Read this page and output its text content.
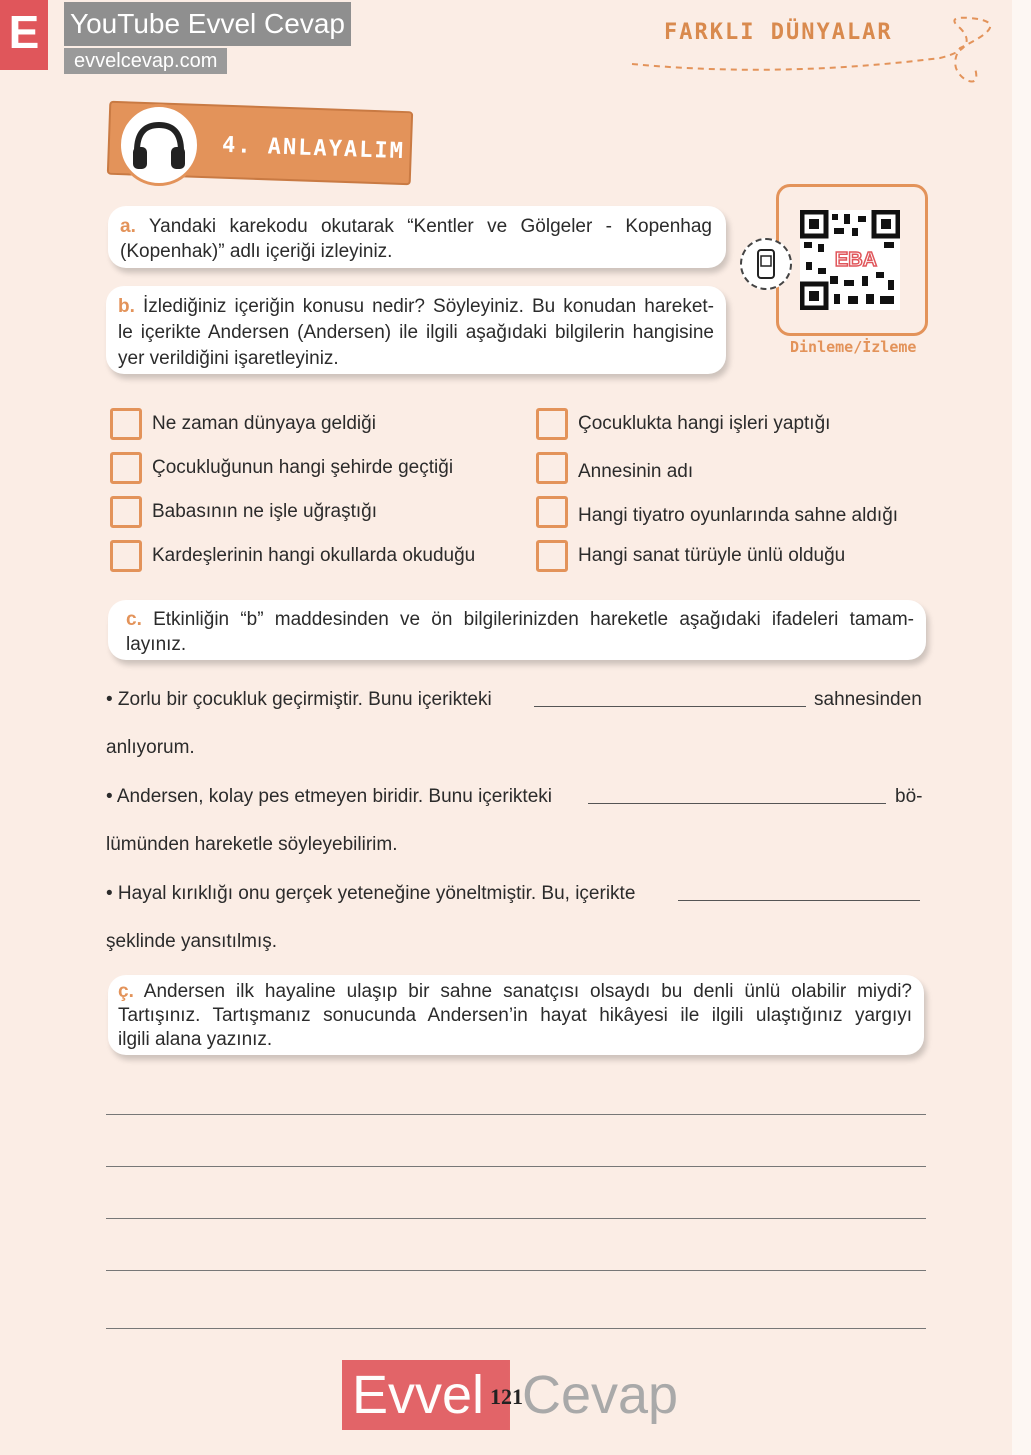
E	YouTube Evvel Cevap
evvelcevap.com
FARKLI DÜNYALAR
4. ANLAYALIM
a. Yandaki karekodu okutarak “Kentler ve Gölgeler - Kopenhag
(Kopenhak)” adlı içeriği izleyiniz.	EBA
Dinleme/İzleme
b. İzlediğiniz içeriğin konusu nedir? Söyleyiniz. Bu konudan hareket-
le içerikte Andersen (Andersen) ile ilgili aşağıdaki bilgilerin hangisine
yer verildiğini işaretleyiniz.
Ne zaman dünyaya geldiği
Çocukluğunun hangi şehirde geçtiği
Babasının ne işle uğraştığı
Kardeşlerinin hangi okullarda okuduğu
Çocuklukta hangi işleri yaptığı
Annesinin adı
Hangi tiyatro oyunlarında sahne aldığı
Hangi sanat türüyle ünlü olduğu
c. Etkinliğin “b” maddesinden ve ön bilgilerinizden hareketle aşağıdaki ifadeleri tamam-
layınız.
• Zorlu bir çocukluk geçirmiştir. Bunu içerikteki	sahnesinden
anlıyorum.
• Andersen, kolay pes etmeyen biridir. Bunu içerikteki	bö-
lümünden hareketle söyleyebilirim.
• Hayal kırıklığı onu gerçek yeteneğine yöneltmiştir. Bu, içerikte
şeklinde yansıtılmış.
ç. Andersen ilk hayaline ulaşıp bir sahne sanatçısı olsaydı bu denli ünlü olabilir miydi?
Tartışınız. Tartışmanız sonucunda Andersen’in hayat hikâyesi ile ilgili ulaştığınız yargıyı
ilgili alana yazınız.
Evvel Cevap
121
